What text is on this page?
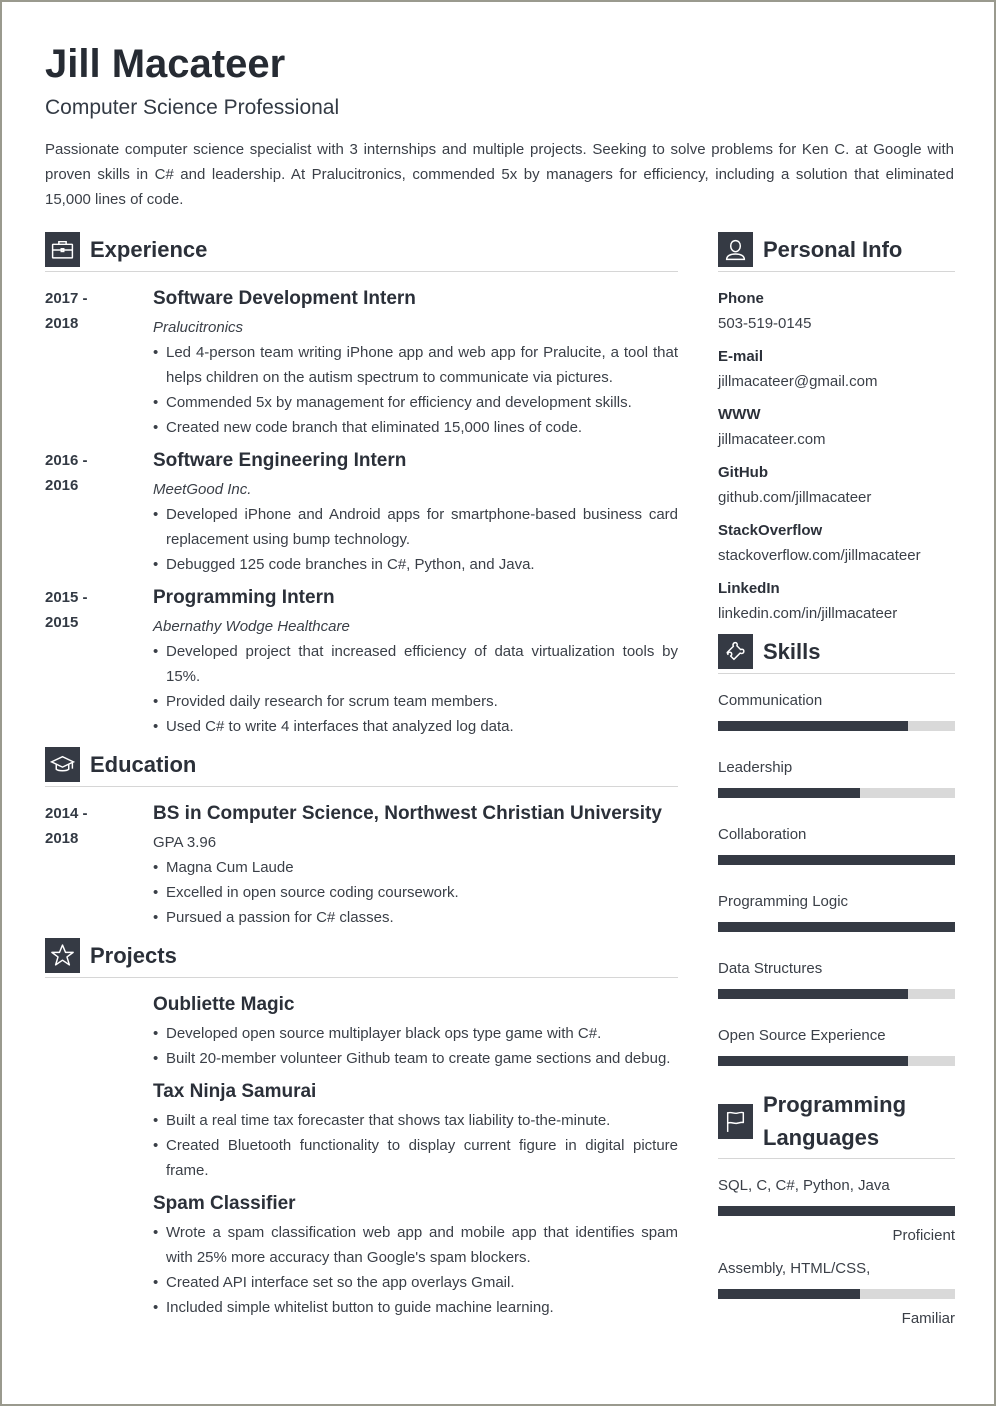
Jill Macateer
Computer Science Professional
Passionate computer science specialist with 3 internships and multiple projects. Seeking to solve problems for Ken C. at Google with proven skills in C# and leadership. At Pralucitronics, commended 5x by managers for efficiency, including a solution that eliminated 15,000 lines of code.
Experience
2017 -
2018
Software Development Intern
Pralucitronics
• Led 4-person team writing iPhone app and web app for Pralucite, a tool that helps children on the autism spectrum to communicate via pictures.
• Commended 5x by management for efficiency and development skills.
• Created new code branch that eliminated 15,000 lines of code.
2016 -
2016
Software Engineering Intern
MeetGood Inc.
• Developed iPhone and Android apps for smartphone-based business card replacement using bump technology.
• Debugged 125 code branches in C#, Python, and Java.
2015 -
2015
Programming Intern
Abernathy Wodge Healthcare
• Developed project that increased efficiency of data virtualization tools by 15%.
• Provided daily research for scrum team members.
• Used C# to write 4 interfaces that analyzed log data.
Education
2014 -
2018
BS in Computer Science, Northwest Christian University
GPA 3.96
• Magna Cum Laude
• Excelled in open source coding coursework.
• Pursued a passion for C# classes.
Projects
Oubliette Magic
• Developed open source multiplayer black ops type game with C#.
• Built 20-member volunteer Github team to create game sections and debug.
Tax Ninja Samurai
• Built a real time tax forecaster that shows tax liability to-the-minute.
• Created Bluetooth functionality to display current figure in digital picture frame.
Spam Classifier
• Wrote a spam classification web app and mobile app that identifies spam with 25% more accuracy than Google's spam blockers.
• Created API interface set so the app overlays Gmail.
• Included simple whitelist button to guide machine learning.
Personal Info
Phone
503-519-0145
E-mail
jillmacateer@gmail.com
WWW
jillmacateer.com
GitHub
github.com/jillmacateer
StackOverflow
stackoverflow.com/jillmacateer
LinkedIn
linkedin.com/in/jillmacateer
Skills
Communication
Leadership
Collaboration
Programming Logic
Data Structures
Open Source Experience
Programming Languages
SQL, C, C#, Python, Java
Proficient
Assembly, HTML/CSS,
Familiar
